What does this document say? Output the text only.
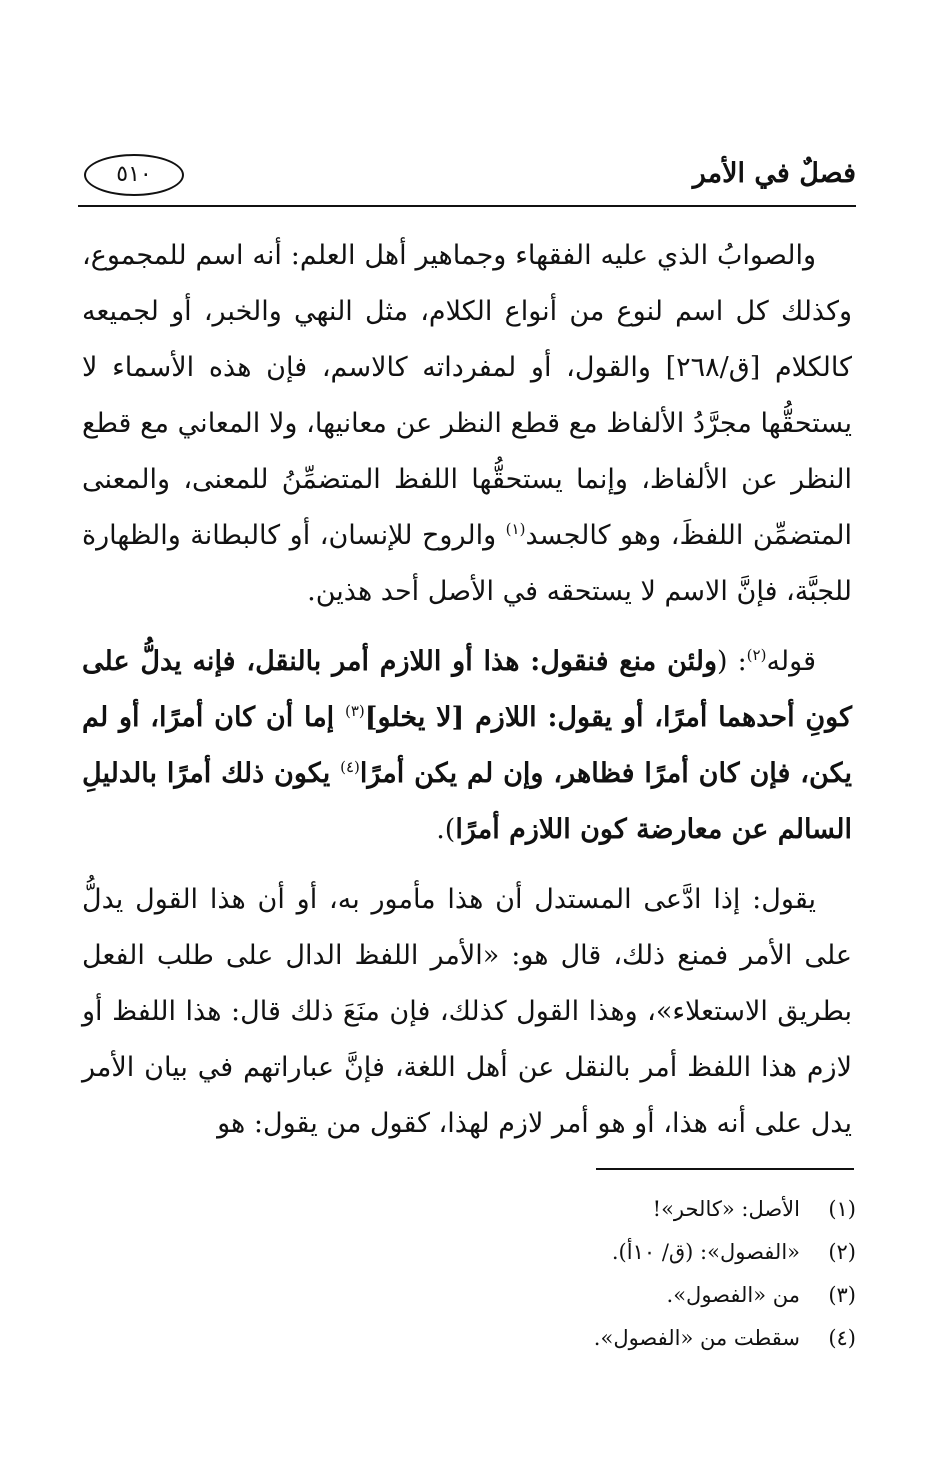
فصلٌ في الأمر
٥١٠

والصوابُ الذي عليه الفقهاء وجماهير أهل العلم: أنه اسم للمجموع، وكذلك كل اسم لنوع من أنواع الكلام، مثل النهي والخبر، أو لجميعه كالكلام [ق/٢٦٨] والقول، أو لمفرداته كالاسم، فإن هذه الأسماء لا يستحقُّها مجرَّدُ الألفاظ مع قطع النظر عن معانيها، ولا المعاني مع قطع النظر عن الألفاظ، وإنما يستحقُّها اللفظ المتضمِّنُ للمعنى، والمعنى المتضمِّن اللفظَ، وهو كالجسد$^{(١)}$ والروح للإنسان، أو كالبطانة والظهارة للجبَّة، فإنَّ الاسم لا يستحقه في الأصل أحد هذين.

قوله$^{(٢)}$: (ولئن منع فنقول: هذا أو اللازم أمر بالنقل، فإنه يدلُّ على كونِ أحدهما أمرًا، أو يقول: اللازم [لا يخلو]$^{(٣)}$ إما أن كان أمرًا، أو لم يكن، فإن كان أمرًا فظاهر، وإن لم يكن أمرًا$^{(٤)}$ يكون ذلك أمرًا بالدليلِ السالم عن معارضة كون اللازم أمرًا).

يقول: إذا ادَّعى المستدل أن هذا مأمور به، أو أن هذا القول يدلُّ على الأمر فمنع ذلك، قال هو: «الأمر اللفظ الدال على طلب الفعل بطريق الاستعلاء»، وهذا القول كذلك، فإن منَعَ ذلك قال: هذا اللفظ أو لازم هذا اللفظ أمر بالنقل عن أهل اللغة، فإنَّ عباراتهم في بيان الأمر يدل على أنه هذا، أو هو أمر لازم لهذا، كقول من يقول: هو

(١)الأصل: «كالحر»!
(٢)«الفصول»: (ق/ ١٠أ).
(٣)من «الفصول».
(٤)سقطت من «الفصول».
